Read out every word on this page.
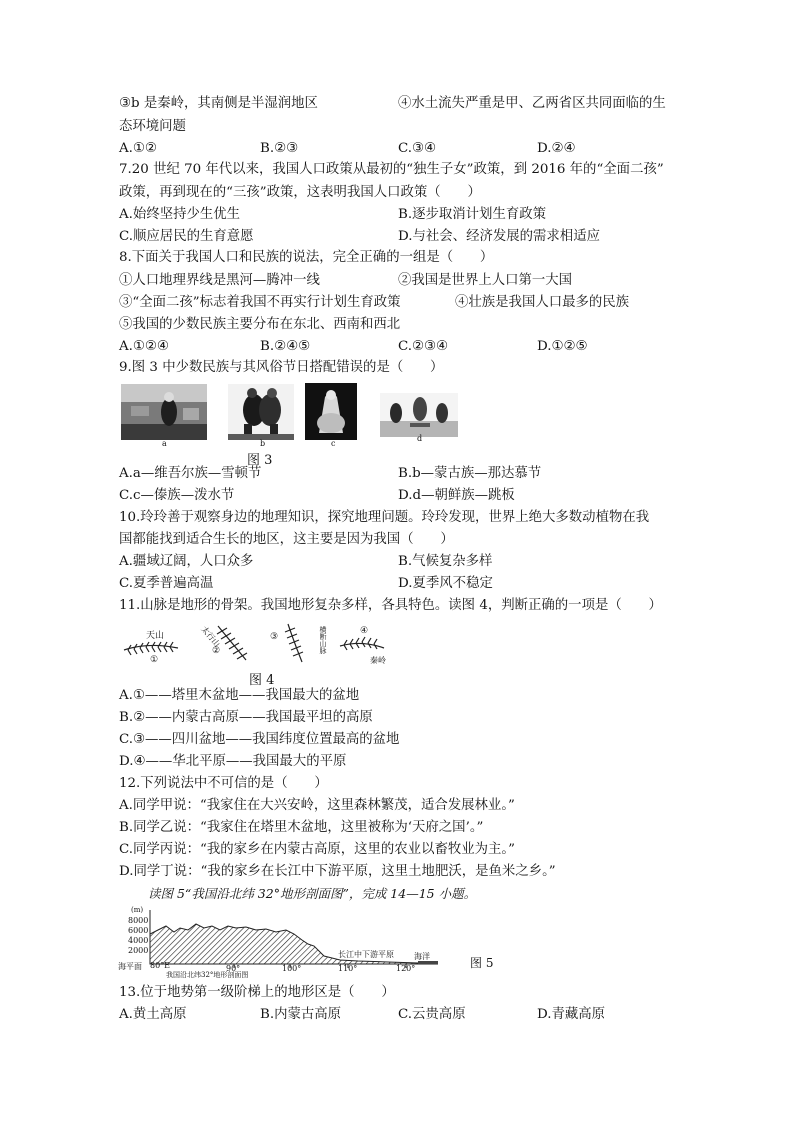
③b 是秦岭，其南侧是半湿润地区	④水土流失严重是甲、乙两省区共同面临的生
态环境问题
A.①②	B.②③	C.③④	D.②④
7.20 世纪 70 年代以来，我国人口政策从最初的“独生子女”政策，到 2016 年的“全面二孩”
政策，再到现在的“三孩”政策，这表明我国人口政策（　　）
A.始终坚持少生优生	B.逐步取消计划生育政策
C.顺应居民的生育意愿	D.与社会、经济发展的需求相适应
8.下面关于我国人口和民族的说法，完全正确的一组是（　　）
①人口地理界线是黑河—腾冲一线	②我国是世界上人口第一大国
③“全面二孩”标志着我国不再实行计划生育政策	④壮族是我国人口最多的民族
⑤我国的少数民族主要分布在东北、西南和西北
A.①②④	B.②④⑤	C.②③④	D.①②⑤
9.图 3 中少数民族与其风俗节日搭配错误的是（　　）
a	b	c
d
图 3
A.a—维吾尔族—雪顿节	B.b—蒙古族—那达慕节
C.c—傣族—泼水节	D.d—朝鲜族—跳板
10.玲玲善于观察身边的地理知识，探究地理问题。玲玲发现，世界上绝大多数动植物在我
国都能找到适合生长的地区，这主要是因为我国（　　）
A.疆域辽阔，人口众多	B.气候复杂多样
C.夏季普遍高温	D.夏季风不稳定
11.山脉是地形的骨架。我国地形复杂多样，各具特色。读图 4，判断正确的一项是（　　）
天山
①
太行山
②
③	横断山脉	④
秦岭
图 4
A.①——塔里木盆地——我国最大的盆地
B.②——内蒙古高原——我国最平坦的高原
C.③——四川盆地——我国纬度位置最高的盆地
D.④——华北平原——我国最大的平原
12.下列说法中不可信的是（　　）
A.同学甲说：“我家住在大兴安岭，这里森林繁茂，适合发展林业。”
B.同学乙说：“我家住在塔里木盆地，这里被称为‘天府之国’。”
C.同学丙说：“我的家乡在内蒙古高原，这里的农业以畜牧业为主。”
D.同学丁说：“我的家乡在长江中下游平原，这里土地肥沃，是鱼米之乡。”
读图 5“我国沿北纬 32°地形剖面图”，完成 14—15 小题。
(m)
8000
6000
4000
2000
海平面 80°E	90°	100°	110°	120°
长江中下游平原	海洋
我国沿北纬32°地形剖面图
图 5
13.位于地势第一级阶梯上的地形区是（　　）
A.黄土高原	B.内蒙古高原	C.云贵高原	D.青藏高原
